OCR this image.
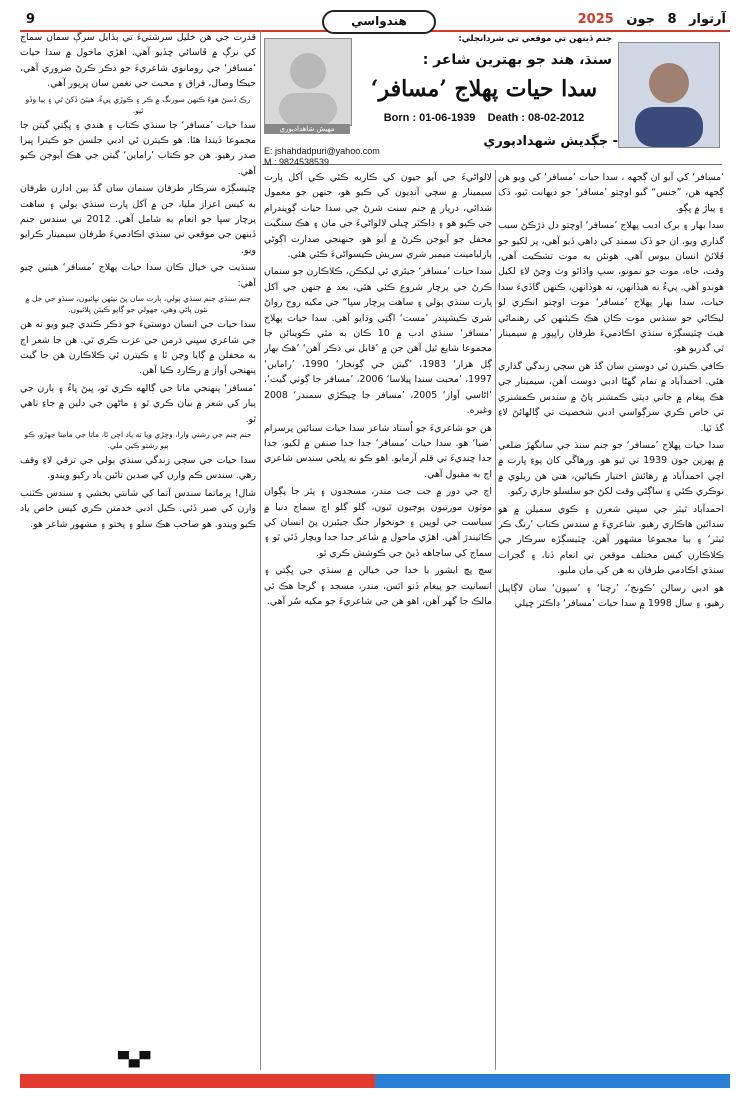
9	هندواسي	آرتوار 8 جون 2025
مهيش شاهدادپوري
جنم ڏينهن تي موقعي تي شردانجلي:
سنڌ، هند جو بهترين شاعر :
سدا حيات پهلاج ’مسافر‘
Born : 01-06-1939 Death : 08-02-2012
E: jshahdadpuri@yahoo.com
M : 9824538539
- جڳديش شهدادپوري

’مسافر‘ کي آيو ان ڳجهه ، سدا حيات ’مسافر‘ کي ويو هن ڳجهه هن، ”جنس“ گيو اوچتو ’مسافر‘ جو ديهانت ٿيو، ڏک ۽ پياڙ ۾ ڀڳو.

سدا بهار ۽ برک اديب پهلاج ’مسافر‘ اوچتو دل ڌڙڪڻ سبب گذاري ويو، ان جو ڏک سمنڊ کي ڊاهي ڏيو آهي، پر لکيو جو ڦلائڻ انسان بيوس آهي. هونئن به موت تشڪيت آهي، وقت، جاه، موت جو نمونو، سڀ واڌائو وٽ وڃڻ لاءِ لکيل هوندو آهي. پيءُ نه هيڏانهن، نه هوڏانهن، ڪنهن گاڏيءَ سدا حيات، سدا بهار پهلاج ’مسافر‘ موت اوچتو انڪري لو ليڪائي جو سنڌس موت ڪان هڪ ڪيئنهن کي رهنمائي هيٺ ڇٽيسڳڙه سنڌي اڪادميءَ طرفان راڀپور ۾ سيمينار ٿي گذريو هو.

ڪافي ڪيترن ئي دوستن سان گڏ هن سڄي زندگي گذاري هئي. احمدآباد ۾ تمام گهڻا ادبي دوست آهن، سيمينار جي هڪ پيغام ۾ جاني ڊپٽي ڪمشنر پاڻ ۾ سندس ڪمشنري تي خاص ڪري سرڳواسي ادبي شخصيت تي ڳالهائڻ لاءِ گڏ ٿيا.

سدا حيات پهلاج ’مسافر‘ جو جنم سنڌ جي سانگهڙ ضلعي ۾ پهرين جون 1939 تي ٿيو هو. ورهاڱي کان پوءِ ڀارت ۾ اچي احمدآباد ۾ رهائش اختيار ڪيائين، هتي هن ريلوي ۾ نوڪري ڪئي ۽ ساڳئي وقت لکڻ جو سلسلو جاري رکيو.

احمدآباد ٿيٽر جي سڀني شعرن ۽ ڪوي سميلن ۾ هو سدائين هاڪاري رهيو. شاعريءَ ۾ سندس ڪتاب ’رنگ ڪر ٿيٽر‘ ۽ ٻيا مجموعا مشهور آهن. ڇٽيسڳڙه سرڪار جي ڪلاڪارن کيس مختلف موقعن تي انعام ڏنا، ۽ گجرات سنڌي اڪادمي طرفان به هن کي مان مليو.

هو ادبي رسالن ’ڪونج‘، ’رچنا‘ ۽ ’سپون‘ سان لاڳاپيل رهيو، ۽ سال 1998 ۾ سدا حيات ’مسافر‘ ڊاڪٽر ڇيلي

لالواڻيءَ جي آيو جيون کي ڪاريه ڪئي ڪي آکل پارت سيمينار ۾ سڄي آنڊيون کي ڪيو هو، جنهن جو معمول شدائي، درپار ۾ جنم سنت شرڻ جي سدا حيات ڳوپندرام جي ڪيو هو ۽ ڊاڪٽر ڇيلي لالواڻيءَ جي مان ۽ هڪ سنگيت محفل جو آيوجن ڪرڻ ۾ آيو هو. جنهنجي صدارت اڳوڻي پارليامينٽ ميمبر شري سريش ڪيسواڻيءَ ڪئي هئي.

سدا حيات ’مسافر‘ جيئري ئي ليکڪن، ڪلاڪارن جو سنمان ڪرڻ جي پرچار شروع ڪئي هئي، بعد ۾ جنهن جي آکل ڀارت سنڌي ٻولي ۽ ساهت پرچار سڀا“ جي مکيه روح رواڻ شري ڪيشڀندر ’مست‘ اڳتي وڌايو آهي. سدا حيات پهلاج ’مسافر‘ سنڌي ادب ۾ 10 ڪان به مٿي ڪوينائن جا مجموعا شايع ٿيل آهن جن ۾ ’قابل ني ذڪر آهن‘ ’هڪ بهار ڳل هزار‘ 1983، ’گيتن جي ڳونجار‘ 1990، ’راماين‘ 1997، ’محبت سندا ڀيلاسا‘ 2006، ’مسافر جا ڳوٺي گيت‘، ’اڻاسي آواز‘ 2005، ’مسافر جا ڇيڪڙي سمندر‘ 2008 وغيره.

هن جو شاعريءَ جو اُستاد شاعر سدا حيات سنائين پرسرام ’ضيا‘ هو. سدا حيات ’مسافر‘ جدا جدا صنفن ۾ لکيو، جدا جدا ڇنديءَ تي قلم آزمايو. اهو ڪو نه ڀلجي سندس شاعري اڄ به مقبول آهي.

اچ جي دور ۾ جت جت مندر، مسجدون ۽ پٿر جا پڳوان موٽون مورتيون پوڄيون ٿيون، ڳلو ڳلو اچ سماج دنيا ۾ سياست جي لوڀين ۽ خونخوار جنگ جيئبرن پڻ انسان کي ڪاٽيندڙ آهي. اهڙي ماحول ۾ شاعر جدا جدا ويچار ڏئي ٿو ۽ سماج کي ساڃاهه ڏيڻ جي ڪوشش ڪري ٿو.

سچ پچ ايشور يا خدا جي خيالن ۾ سنڌي جي ڀڳتي ۽ انسانيت جو پيغام ڏنو اٿس، مندر، مسجد ۽ گرجا هڪ ئي مالڪ جا گهر آهن، اهو هن جي شاعريءَ جو مکيه سُر آهي.

قدرت جي هن خليل سرشتيءَ تي ٻڌايل سرڳ سمان سماج کي نرڳ ۾ ڦاسائي ڇڏيو آهي. اهڙي ماحول ۾ سدا حيات ’مسافر‘ جي رومانوي شاعريءَ جو ذڪر ڪرڻ ضروري آهي، جيڪا وصال، فراق ۽ محبت جي نغمن سان ڀرپور آهي.

رڪ ڏسڻ هوءَ ڪنهن سورنگ ۾ ڪر ۽ ڪوڙي پيءُ، هيئڻ ڏکڻ ٿي ۽ ٻيا وڏو ٿيو.

سدا حيات ’مسافر‘ جا سنڌي ڪتاب ۽ هندي ۽ ڀڳتي گيتن جا مجموعا ڏيندا هئا. هو ڪيترن ئي ادبي جلسن جو ڪيترا ڀيرا صدر رهيو. هن جو ڪتاب ’راماين‘ گيتن جي هڪ آيوجن ڪيو آهي.

ڇٽيسڳڙه سرڪار طرفان سنمان سان گڏ ٻين ادارن طرفان به کيس اعزاز مليا، جن ۾ آکل ڀارت سنڌي ٻولي ۽ ساهت پرچار سڀا جو انعام به شامل آهي. 2012 تي سندس جنم ڏينهن جي موقعي تي سنڌي اڪادميءَ طرفان سيمينار ڪرايو ويو.

سنڌيت جي خيال ڪان سدا حيات پهلاج ’مسافر‘ هيٺين چيو آهي:

جنم سنڌي جنم سنڌي ٻولي، ٻارت سان پڻ نيئهن نڀائيون، سنڌو جي جل ۾ نئون پاڻي وهي، جهولي جو ڳايو ڪيئن ڀلائيون.

سدا حيات جي انسان دوستيءَ جو ذڪر ڪندي چيو ويو ته هن جي شاعري سڀني ڌرمن جي عزت ڪري ٿي. هن جا شعر اڄ به محفلن ۾ ڳايا وڃن ٿا ۽ ڪيترن ئي ڪلاڪارن هن جا گيت پنهنجي آواز ۾ رڪارڊ ڪيا آهن.

’مسافر‘ پنهنجي ماتا جي ڳالهه ڪري ٿو، ڀيڻ ڀاءُ ۽ ٻارن جي پيار کي شعر ۾ بيان ڪري ٿو ۽ ماڻهن جي دلين ۾ جاءِ ٺاهي ٿو.

جنم جنم جي رشتي وارا، وڇڙي ويا ته ياد اچن ٿا، ماتا جي مامتا جهڙو، ڪو ٻيو رشتو ڪين ملي.

سدا حيات جي سڄي زندگي سنڌي ٻولي جي ترقي لاءِ وقف رهي. سندس ڪم وارن کي صدين تائين ياد رکيو ويندو.

شال! پرماتما سندس آتما کي شانتي بخشي ۽ سندس ڪٽنب وارن کي صبر ڏئي. ڪيل ادبي خدمتن ڪري کيس خاص ياد ڪيو ويندو. هو صاحب هڪ سلو ۽ پختو ۽ مشهور شاعر هو.

▀▄▀
